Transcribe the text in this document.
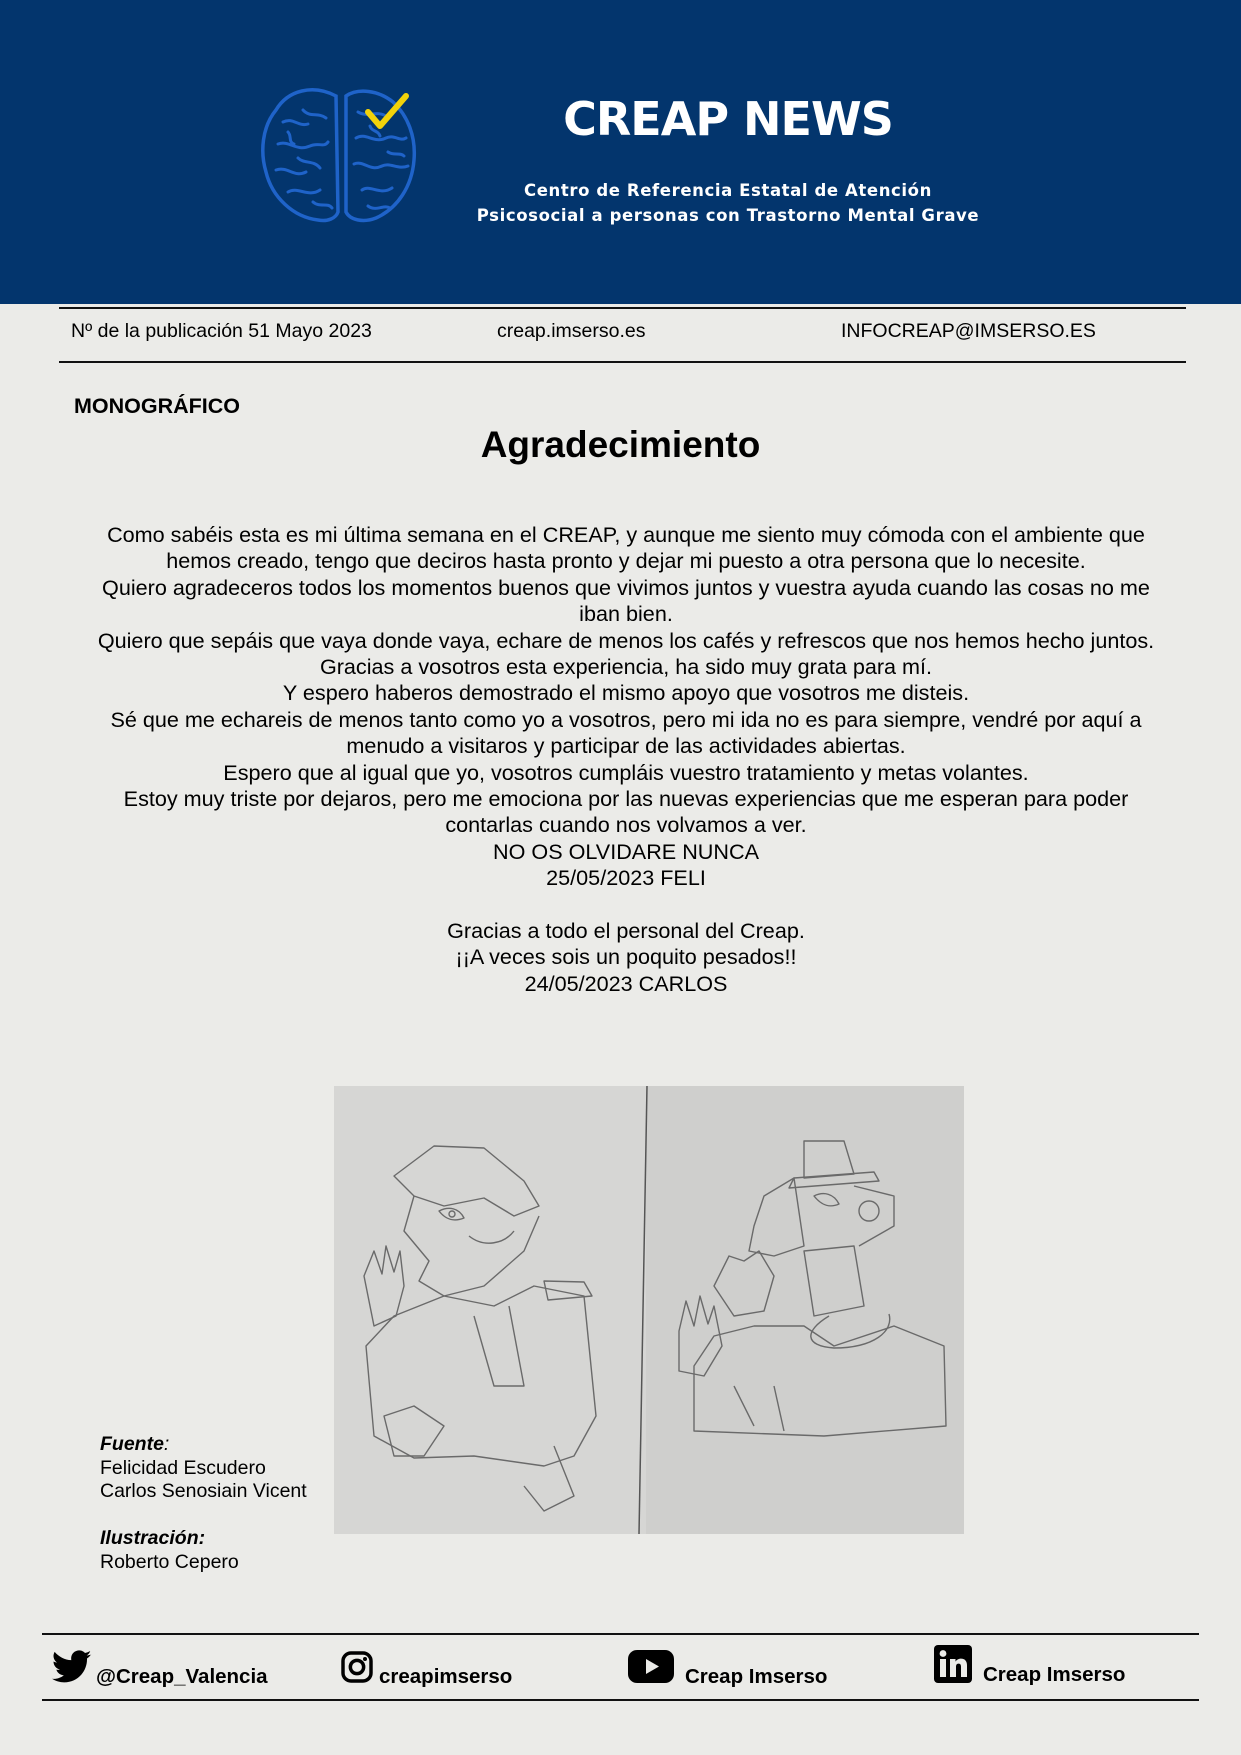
CREAP NEWS
Centro de Referencia Estatal de Atención
Psicosocial a personas con Trastorno Mental Grave
Nº de la publicación 51 Mayo 2023	creap.imserso.es	INFOCREAP@IMSERSO.ES
MONOGRÁFICO
Agradecimiento

Como sabéis esta es mi última semana en el CREAP, y aunque me siento muy cómoda con el ambiente que hemos creado, tengo que deciros hasta pronto y dejar mi puesto a otra persona que lo necesite.

Quiero agradeceros todos los momentos buenos que vivimos juntos y vuestra ayuda cuando las cosas no me iban bien.

Quiero que sepáis que vaya donde vaya, echare de menos los cafés y refrescos que nos hemos hecho juntos.

Gracias a vosotros esta experiencia, ha sido muy grata para mí.

Y espero haberos demostrado el mismo apoyo que vosotros me disteis.

Sé que me echareis de menos tanto como yo a vosotros, pero mi ida no es para siempre, vendré por aquí a menudo a visitaros y participar de las actividades abiertas.

Espero que al igual que yo, vosotros cumpláis vuestro tratamiento y metas volantes.

Estoy muy triste por dejaros, pero me emociona por las nuevas experiencias que me esperan para poder contarlas cuando nos volvamos a ver.

NO OS OLVIDARE NUNCA

25/05/2023 FELI

Gracias a todo el personal del Creap.

¡¡A veces sois un poquito pesados!!

24/05/2023 CARLOS

Fuente:
Felicidad Escudero
Carlos Senosiain Vicent
Ilustración:
Roberto Cepero
@Creap_Valencia	creapimserso	Creap Imserso	Creap Imserso
